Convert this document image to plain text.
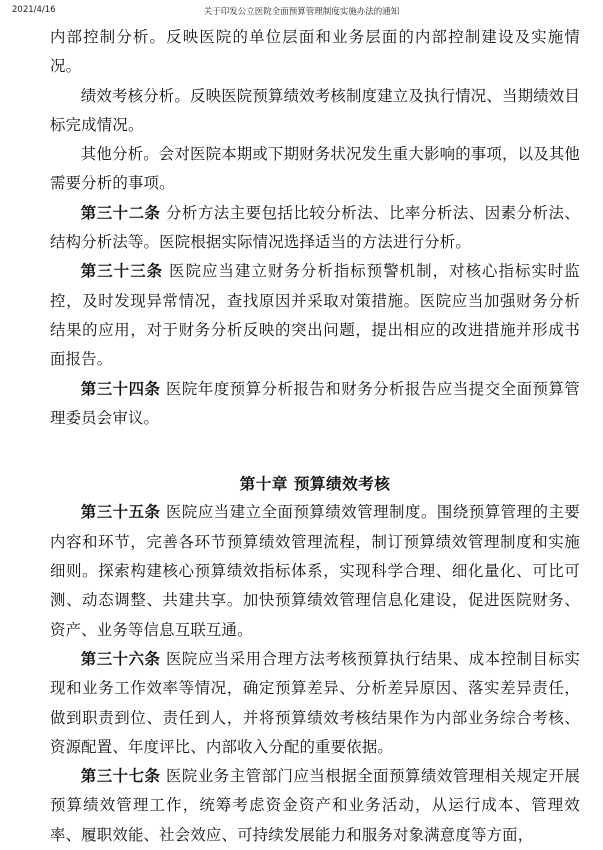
2021/4/16	关于印发公立医院全面预算管理制度实施办法的通知

内部控制分析。反映医院的单位层面和业务层面的内部控制建设及实施情况。

绩效考核分析。反映医院预算绩效考核制度建立及执行情况、当期绩效目标完成情况。

其他分析。会对医院本期或下期财务状况发生重大影响的事项，以及其他需要分析的事项。

第三十二条 分析方法主要包括比较分析法、比率分析法、因素分析法、结构分析法等。医院根据实际情况选择适当的方法进行分析。

第三十三条 医院应当建立财务分析指标预警机制，对核心指标实时监控，及时发现异常情况，查找原因并采取对策措施。医院应当加强财务分析结果的应用，对于财务分析反映的突出问题，提出相应的改进措施并形成书面报告。

第三十四条 医院年度预算分析报告和财务分析报告应当提交全面预算管理委员会审议。

第十章 预算绩效考核

第三十五条 医院应当建立全面预算绩效管理制度。围绕预算管理的主要内容和环节，完善各环节预算绩效管理流程，制订预算绩效管理制度和实施细则。探索构建核心预算绩效指标体系，实现科学合理、细化量化、可比可测、动态调整、共建共享。加快预算绩效管理信息化建设，促进医院财务、资产、业务等信息互联互通。

第三十六条 医院应当采用合理方法考核预算执行结果、成本控制目标实现和业务工作效率等情况，确定预算差异、分析差异原因、落实差异责任，做到职责到位、责任到人，并将预算绩效考核结果作为内部业务综合考核、资源配置、年度评比、内部收入分配的重要依据。

第三十七条 医院业务主管部门应当根据全面预算绩效管理相关规定开展预算绩效管理工作，统筹考虑资金资产和业务活动，从运行成本、管理效率、履职效能、社会效应、可持续发展能力和服务对象满意度等方面，
